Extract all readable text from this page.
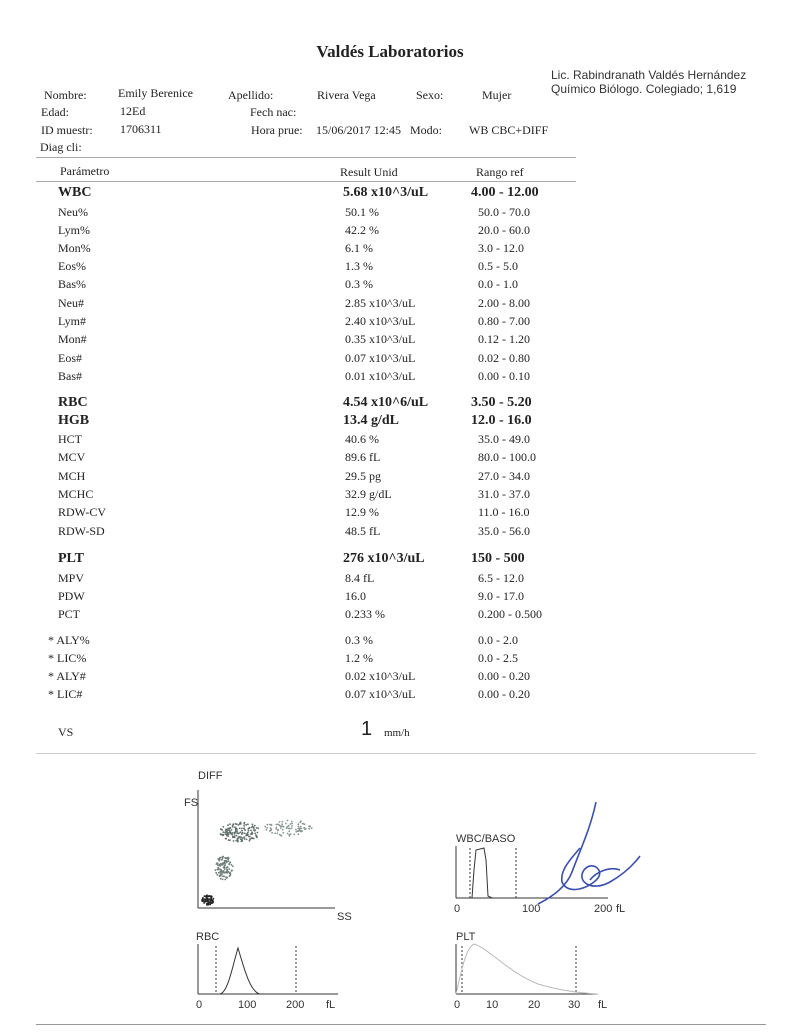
Valdés Laboratorios
Lic. Rabindranath Valdés Hernández
Químico Biólogo. Colegiado; 1,619
Nombre:	Emily Berenice	Apellido:	Rivera Vega	Sexo:	Mujer
Edad:	12Ed	Fech nac:
ID muestr: 1706311	Hora prue: 15/06/2017 12:45 Modo: WB CBC+DIFF
Diag cli:
Parámetro	Result Unid	Rango ref
WBC	5.68 x10^3/uL	4.00 - 12.00
Neu%	50.1 %	50.0 - 70.0
Lym%	42.2 %	20.0 - 60.0
Mon%	6.1 %	3.0 - 12.0
Eos%	1.3 %	0.5 - 5.0
Bas%	0.3 %	0.0 - 1.0
Neu#	2.85 x10^3/uL	2.00 - 8.00
Lym#	2.40 x10^3/uL	0.80 - 7.00
Mon#	0.35 x10^3/uL	0.12 - 1.20
Eos#	0.07 x10^3/uL	0.02 - 0.80
Bas#	0.01 x10^3/uL	0.00 - 0.10
RBC	4.54 x10^6/uL	3.50 - 5.20
HGB	13.4 g/dL	12.0 - 16.0
HCT	40.6 %	35.0 - 49.0
MCV	89.6 fL	80.0 - 100.0
MCH	29.5 pg	27.0 - 34.0
MCHC	32.9 g/dL	31.0 - 37.0
RDW-CV	12.9 %	11.0 - 16.0
RDW-SD	48.5 fL	35.0 - 56.0
PLT	276 x10^3/uL	150 - 500
MPV	8.4 fL	6.5 - 12.0
PDW	16.0	9.0 - 17.0
PCT	0.233 %	0.200 - 0.500
* ALY%	0.3 %	0.0 - 2.0
* LIC%	1.2 %	0.0 - 2.5
* ALY#	0.02 x10^3/uL	0.00 - 0.20
* LIC#	0.07 x10^3/uL	0.00 - 0.20
VS	1 mm/h
DIFF
FS
SS
WBC/BASO
0	100	200 fL
RBC
0	100	200 fL
PLT
0 10	20	30 fL
